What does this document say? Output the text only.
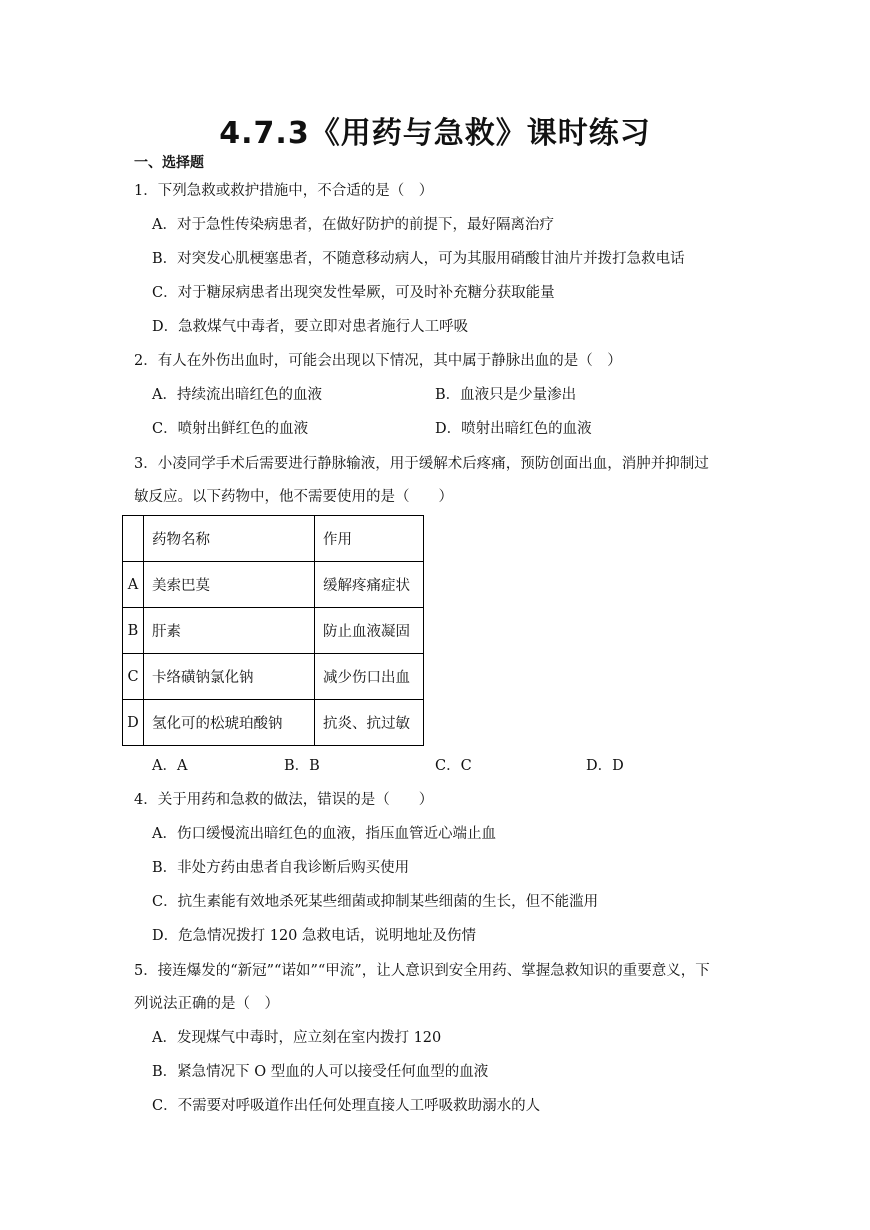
4.7.3《用药与急救》课时练习
一、选择题
1．下列急救或救护措施中，不合适的是（　）
A．对于急性传染病患者，在做好防护的前提下，最好隔离治疗
B．对突发心肌梗塞患者，不随意移动病人，可为其服用硝酸甘油片并拨打急救电话
C．对于糖尿病患者出现突发性晕厥，可及时补充糖分获取能量
D．急救煤气中毒者，要立即对患者施行人工呼吸
2．有人在外伤出血时，可能会出现以下情况，其中属于静脉出血的是（　）
A．持续流出暗红色的血液	B．血液只是少量渗出
C．喷射出鲜红色的血液	D．喷射出暗红色的血液
3．小凌同学手术后需要进行静脉输液，用于缓解术后疼痛，预防创面出血，消肿并抑制过
敏反应。以下药物中，他不需要使用的是（　　）
	药物名称	作用
A	美索巴莫	缓解疼痛症状
B	肝素	防止血液凝固
C	卡络磺钠氯化钠	减少伤口出血
D	氢化可的松琥珀酸钠	抗炎、抗过敏
A．A	B．B	C．C	D．D
4．关于用药和急救的做法，错误的是（　　）
A．伤口缓慢流出暗红色的血液，指压血管近心端止血
B．非处方药由患者自我诊断后购买使用
C．抗生素能有效地杀死某些细菌或抑制某些细菌的生长，但不能滥用
D．危急情况拨打 120 急救电话，说明地址及伤情
5．接连爆发的“新冠”“诺如”“甲流”，让人意识到安全用药、掌握急救知识的重要意义，下
列说法正确的是（　）
A．发现煤气中毒时，应立刻在室内拨打 120
B．紧急情况下 O 型血的人可以接受任何血型的血液
C．不需要对呼吸道作出任何处理直接人工呼吸救助溺水的人
